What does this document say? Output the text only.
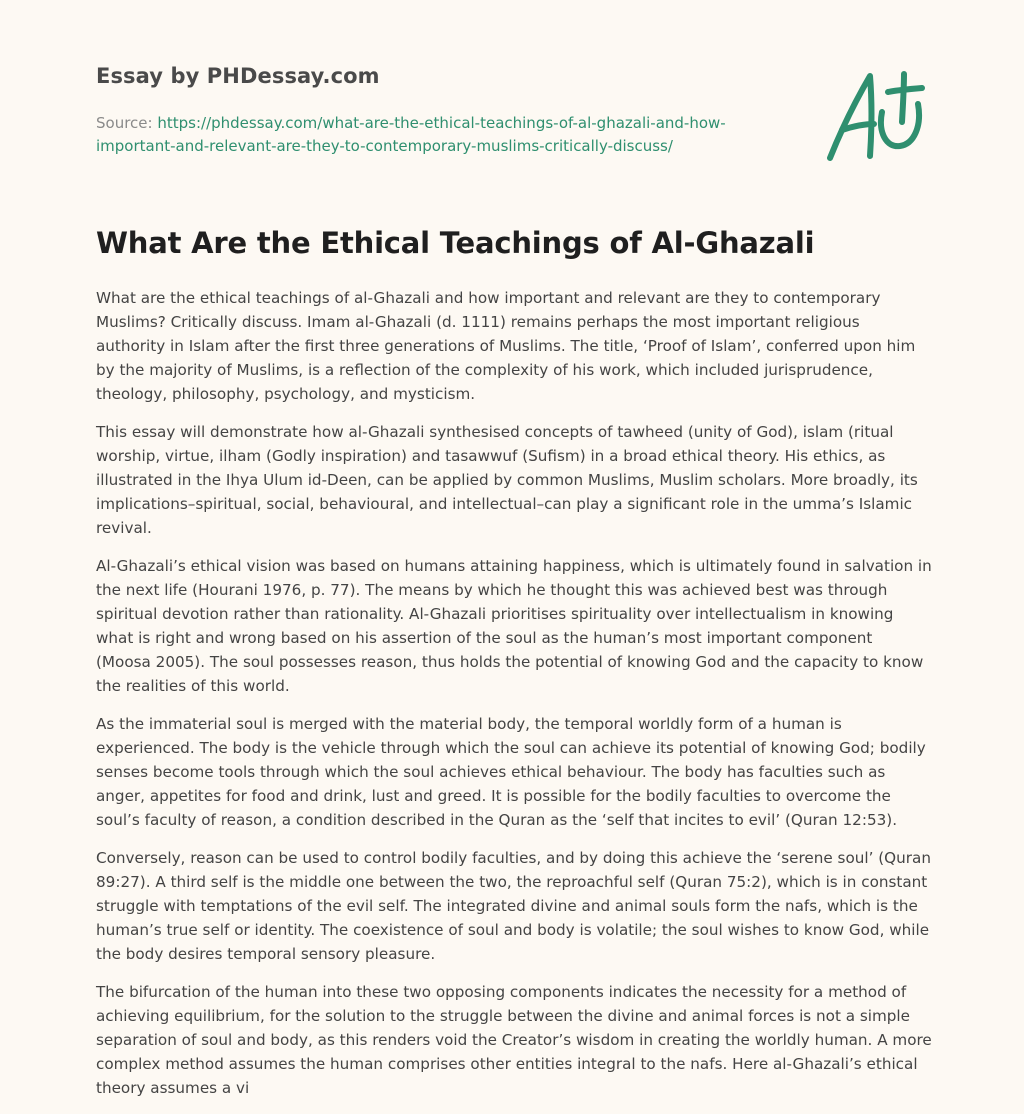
Essay by PHDessay.com
Source: https://phdessay.com/what-are-the-ethical-teachings-of-al-ghazali-and-how-important-and-relevant-are-they-to-contemporary-muslims-critically-discuss/
What Are the Ethical Teachings of Al-Ghazali

What are the ethical teachings of al-Ghazali and how important and relevant are they to contemporary Muslims? Critically discuss. Imam al-Ghazali (d. 1111) remains perhaps the most important religious authority in Islam after the first three generations of Muslims. The title, ‘Proof of Islam’, conferred upon him by the majority of Muslims, is a reflection of the complexity of his work, which included jurisprudence, theology, philosophy, psychology, and mysticism.

This essay will demonstrate how al-Ghazali synthesised concepts of tawheed (unity of God), islam (ritual worship, virtue, ilham (Godly inspiration) and tasawwuf (Sufism) in a broad ethical theory. His ethics, as illustrated in the Ihya Ulum id-Deen, can be applied by common Muslims, Muslim scholars. More broadly, its implications–spiritual, social, behavioural, and intellectual–can play a significant role in the umma’s Islamic revival.

Al-Ghazali’s ethical vision was based on humans attaining happiness, which is ultimately found in salvation in the next life (Hourani 1976, p. 77). The means by which he thought this was achieved best was through spiritual devotion rather than rationality. Al-Ghazali prioritises spirituality over intellectualism in knowing what is right and wrong based on his assertion of the soul as the human’s most important component (Moosa 2005). The soul possesses reason, thus holds the potential of knowing God and the capacity to know the realities of this world.

As the immaterial soul is merged with the material body, the temporal worldly form of a human is experienced. The body is the vehicle through which the soul can achieve its potential of knowing God; bodily senses become tools through which the soul achieves ethical behaviour. The body has faculties such as anger, appetites for food and drink, lust and greed. It is possible for the bodily faculties to overcome the soul’s faculty of reason, a condition described in the Quran as the ‘self that incites to evil’ (Quran 12:53).

Conversely, reason can be used to control bodily faculties, and by doing this achieve the ‘serene soul’ (Quran 89:27). A third self is the middle one between the two, the reproachful self (Quran 75:2), which is in constant struggle with temptations of the evil self. The integrated divine and animal souls form the nafs, which is the human’s true self or identity. The coexistence of soul and body is volatile; the soul wishes to know God, while the body desires temporal sensory pleasure.

The bifurcation of the human into these two opposing components indicates the necessity for a method of achieving equilibrium, for the solution to the struggle between the divine and animal forces is not a simple separation of soul and body, as this renders void the Creator’s wisdom in creating the worldly human. A more complex method assumes the human comprises other entities integral to the nafs. Here al-Ghazali’s ethical theory assumes a vi
